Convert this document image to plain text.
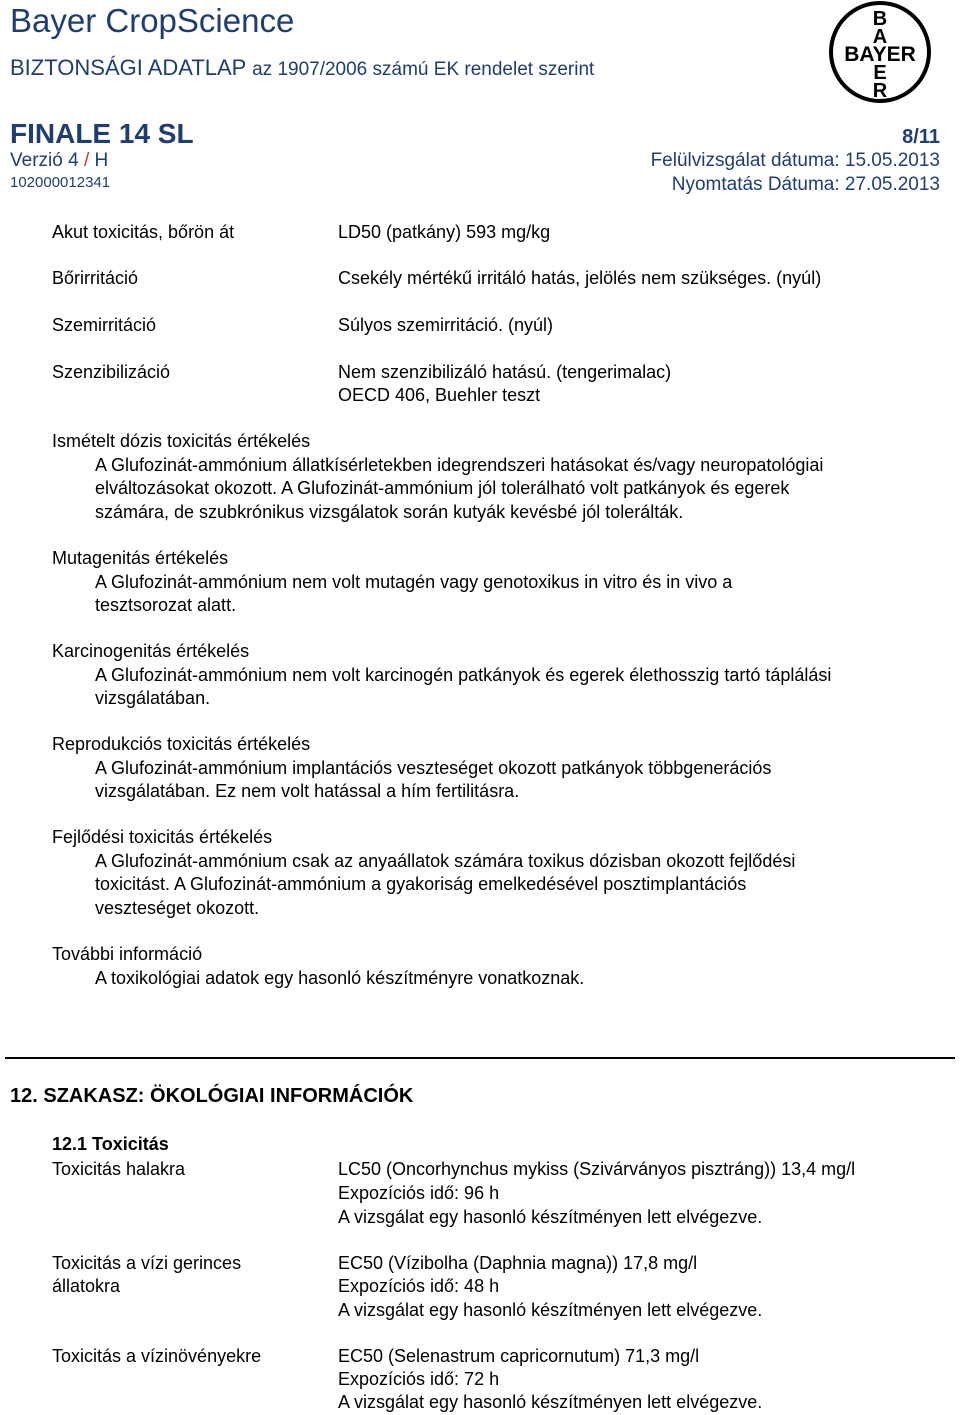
Bayer CropScience
BIZTONSÁGI ADATLAP az 1907/2006 számú EK rendelet szerint
B
A
BAYER
E
R
FINALE 14 SL	8/11
Verzió 4 / H	Felülvizsgálat dátuma: 15.05.2013
102000012341	Nyomtatás Dátuma: 27.05.2013
Akut toxicitás, bőrön át	LD50 (patkány) 593 mg/kg
Bőrirritáció	Csekély mértékű irritáló hatás, jelölés nem szükséges. (nyúl)
Szemirritáció	Súlyos szemirritáció. (nyúl)
Szenzibilizáció	Nem szenzibilizáló hatású. (tengerimalac)
OECD 406, Buehler teszt
Ismételt dózis toxicitás értékelés
A Glufozinát-ammónium állatkísérletekben idegrendszeri hatásokat és/vagy neuropatológiai
elváltozásokat okozott. A Glufozinát-ammónium jól tolerálható volt patkányok és egerek
számára, de szubkrónikus vizsgálatok során kutyák kevésbé jól tolerálták.
Mutagenitás értékelés
A Glufozinát-ammónium nem volt mutagén vagy genotoxikus in vitro és in vivo a
tesztsorozat alatt.
Karcinogenitás értékelés
A Glufozinát-ammónium nem volt karcinogén patkányok és egerek élethosszig tartó táplálási
vizsgálatában.
Reprodukciós toxicitás értékelés
A Glufozinát-ammónium implantációs veszteséget okozott patkányok többgenerációs
vizsgálatában. Ez nem volt hatással a hím fertilitásra.
Fejlődési toxicitás értékelés
A Glufozinát-ammónium csak az anyaállatok számára toxikus dózisban okozott fejlődési
toxicitást. A Glufozinát-ammónium a gyakoriság emelkedésével posztimplantációs
veszteséget okozott.
További információ
A toxikológiai adatok egy hasonló készítményre vonatkoznak.
12. SZAKASZ: ÖKOLÓGIAI INFORMÁCIÓK
12.1 Toxicitás
Toxicitás halakra	LC50 (Oncorhynchus mykiss (Szivárványos pisztráng)) 13,4 mg/l
Expozíciós idő: 96 h
A vizsgálat egy hasonló készítményen lett elvégezve.
Toxicitás a vízi gerinces
állatokra
EC50 (Vízibolha (Daphnia magna)) 17,8 mg/l
Expozíciós idő: 48 h
A vizsgálat egy hasonló készítményen lett elvégezve.
Toxicitás a vízinövényekre	EC50 (Selenastrum capricornutum) 71,3 mg/l
Expozíciós idő: 72 h
A vizsgálat egy hasonló készítményen lett elvégezve.
